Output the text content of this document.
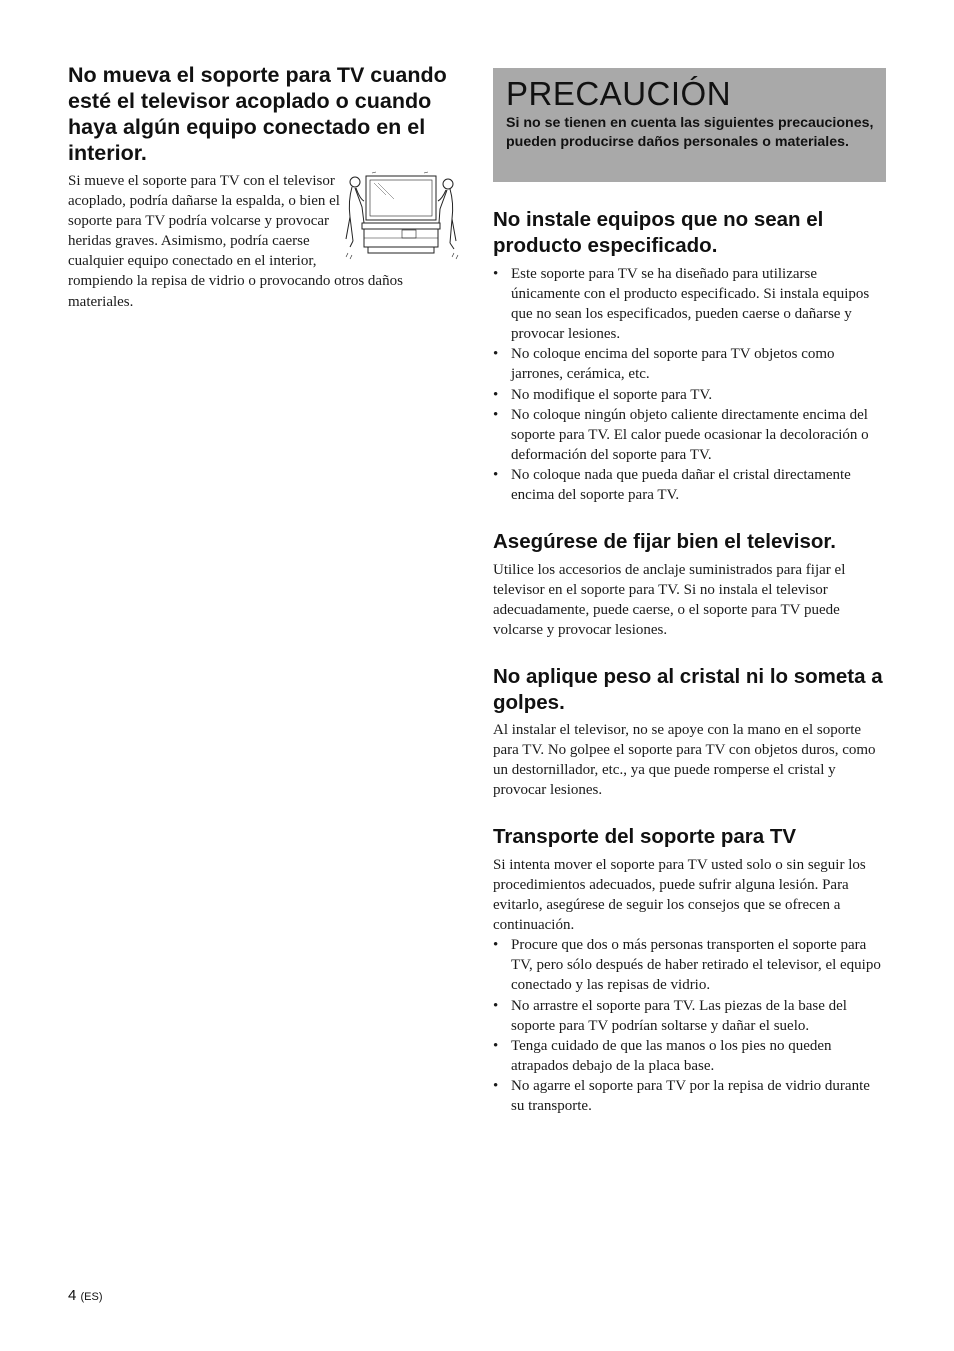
No mueva el soporte para TV cuando esté el televisor acoplado o cuando haya algún equipo conectado en el interior.

Si mueve el soporte para TV con el televisor acoplado, podría dañarse la espalda, o bien el soporte para TV podría volcarse y provocar heridas graves. Asimismo, podría caerse cualquier equipo conectado en el interior, rompiendo la repisa de vidrio o provocando otros daños materiales.

PRECAUCIÓN

Si no se tienen en cuenta las siguientes precauciones, pueden producirse daños personales o materiales.

No instale equipos que no sean el producto especificado.
• Este soporte para TV se ha diseñado para utilizarse únicamente con el producto especificado. Si instala equipos que no sean los especificados, pueden caerse o dañarse y provocar lesiones.
• No coloque encima del soporte para TV objetos como jarrones, cerámica, etc.
• No modifique el soporte para TV.
• No coloque ningún objeto caliente directamente encima del soporte para TV. El calor puede ocasionar la decoloración o deformación del soporte para TV.
• No coloque nada que pueda dañar el cristal directamente encima del soporte para TV.
Asegúrese de fijar bien el televisor.

Utilice los accesorios de anclaje suministrados para fijar el televisor en el soporte para TV. Si no instala el televisor adecuadamente, puede caerse, o el soporte para TV puede volcarse y provocar lesiones.

No aplique peso al cristal ni lo someta a golpes.

Al instalar el televisor, no se apoye con la mano en el soporte para TV. No golpee el soporte para TV con objetos duros, como un destornillador, etc., ya que puede romperse el cristal y provocar lesiones.

Transporte del soporte para TV

Si intenta mover el soporte para TV usted solo o sin seguir los procedimientos adecuados, puede sufrir alguna lesión. Para evitarlo, asegúrese de seguir los consejos que se ofrecen a continuación.

• Procure que dos o más personas transporten el soporte para TV, pero sólo después de haber retirado el televisor, el equipo conectado y las repisas de vidrio.
• No arrastre el soporte para TV. Las piezas de la base del soporte para TV podrían soltarse y dañar el suelo.
• Tenga cuidado de que las manos o los pies no queden atrapados debajo de la placa base.
• No agarre el soporte para TV por la repisa de vidrio durante su transporte.
4 (ES)
